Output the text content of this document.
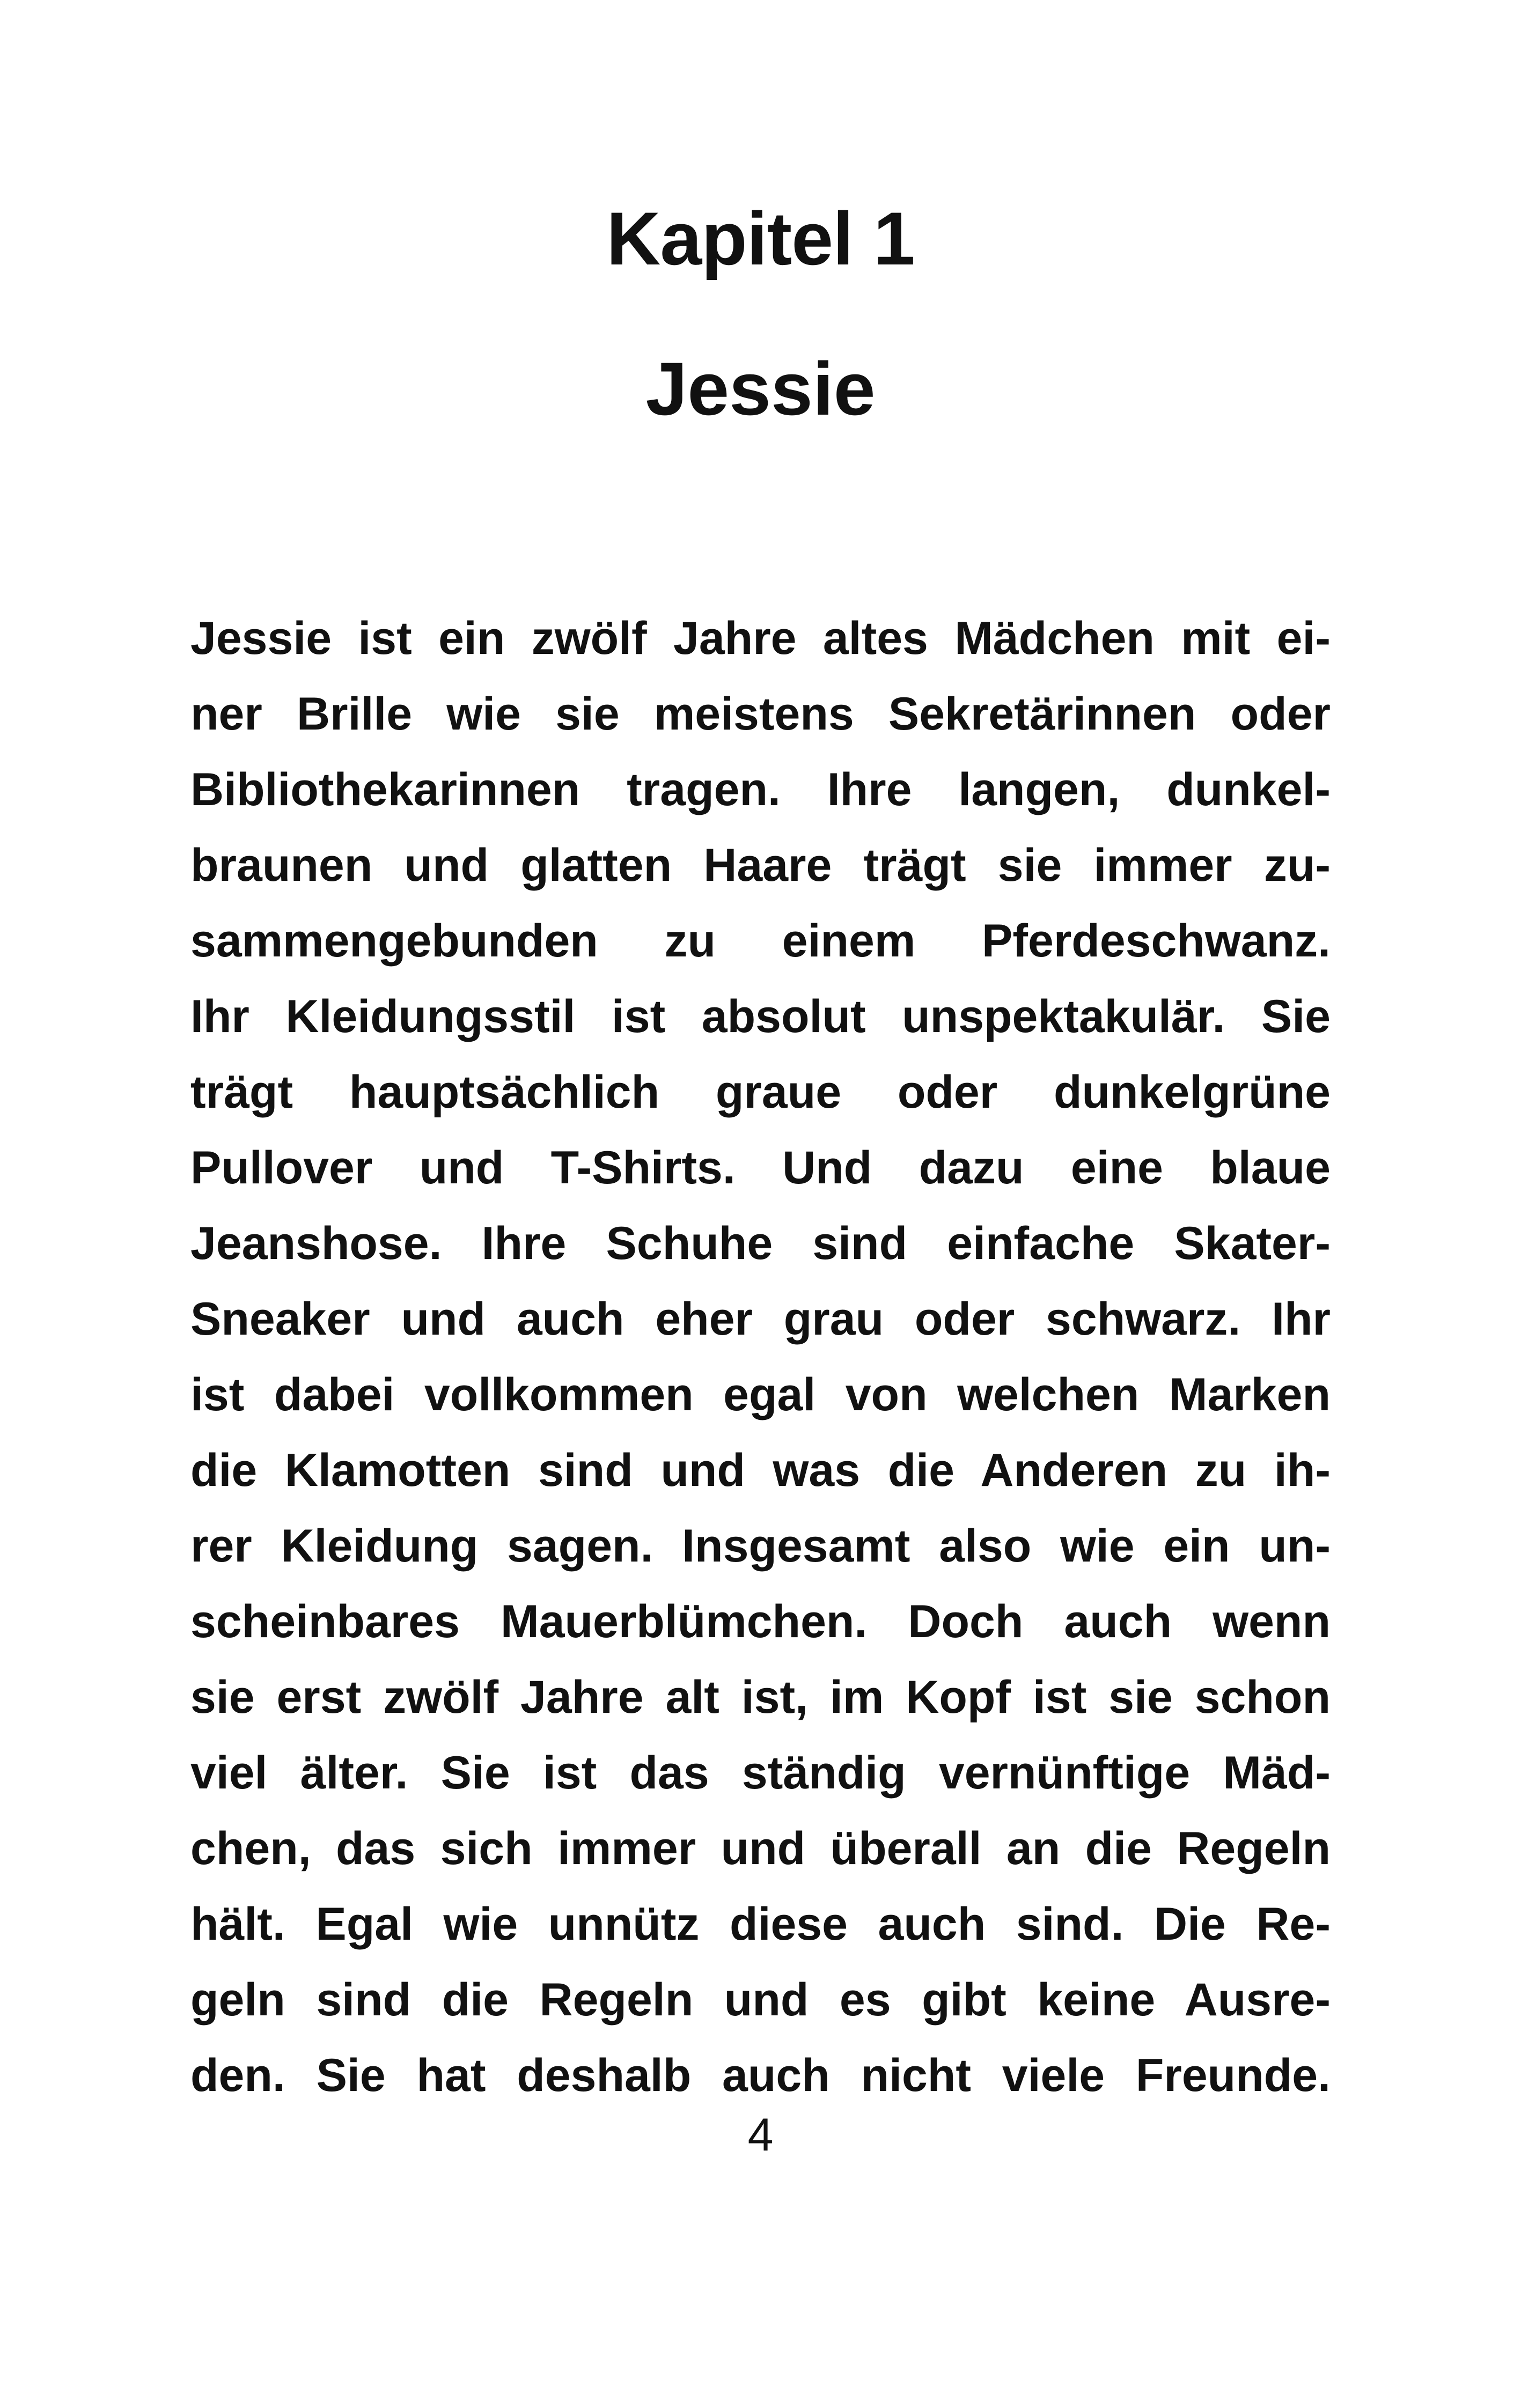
Kapitel 1
Jessie
Jessie ist ein zwölf Jahre altes Mädchen mit ei-
ner Brille wie sie meistens Sekretärinnen oder
Bibliothekarinnen tragen. Ihre langen, dunkel-
braunen und glatten Haare trägt sie immer zu-
sammengebunden zu einem Pferdeschwanz.
Ihr Kleidungsstil ist absolut unspektakulär. Sie
trägt hauptsächlich graue oder dunkelgrüne
Pullover und T-Shirts. Und dazu eine blaue
Jeanshose. Ihre Schuhe sind einfache Skater-
Sneaker und auch eher grau oder schwarz. Ihr
ist dabei vollkommen egal von welchen Marken
die Klamotten sind und was die Anderen zu ih-
rer Kleidung sagen. Insgesamt also wie ein un-
scheinbares Mauerblümchen. Doch auch wenn
sie erst zwölf Jahre alt ist, im Kopf ist sie schon
viel älter. Sie ist das ständig vernünftige Mäd-
chen, das sich immer und überall an die Regeln
hält. Egal wie unnütz diese auch sind. Die Re-
geln sind die Regeln und es gibt keine Ausre-
den. Sie hat deshalb auch nicht viele Freunde.
4
